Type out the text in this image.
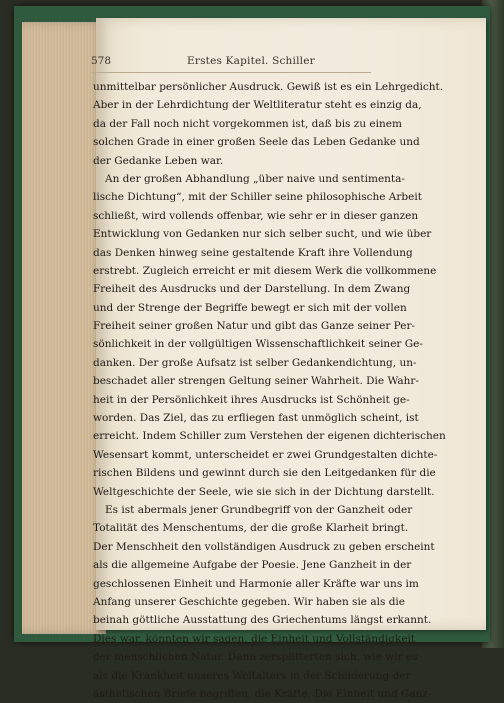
578	Erstes Kapitel. Schiller
unmittelbar persönlicher Ausdruck. Gewiß ist es ein Lehrgedicht.
Aber in der Lehrdichtung der Weltliteratur steht es einzig da,
da der Fall noch nicht vorgekommen ist, daß bis zu einem
solchen Grade in einer großen Seele das Leben Gedanke und
der Gedanke Leben war.
An der großen Abhandlung „über naive und sentimenta-
lische Dichtung“, mit der Schiller seine philosophische Arbeit
schließt, wird vollends offenbar, wie sehr er in dieser ganzen
Entwicklung von Gedanken nur sich selber sucht, und wie über
das Denken hinweg seine gestaltende Kraft ihre Vollendung
erstrebt. Zugleich erreicht er mit diesem Werk die vollkommene
Freiheit des Ausdrucks und der Darstellung. In dem Zwang
und der Strenge der Begriffe bewegt er sich mit der vollen
Freiheit seiner großen Natur und gibt das Ganze seiner Per-
sönlichkeit in der vollgültigen Wissenschaftlichkeit seiner Ge-
danken. Der große Aufsatz ist selber Gedankendichtung, un-
beschadet aller strengen Geltung seiner Wahrheit. Die Wahr-
heit in der Persönlichkeit ihres Ausdrucks ist Schönheit ge-
worden. Das Ziel, das zu erfliegen fast unmöglich scheint, ist
erreicht. Indem Schiller zum Verstehen der eigenen dichterischen
Wesensart kommt, unterscheidet er zwei Grundgestalten dichte-
rischen Bildens und gewinnt durch sie den Leitgedanken für die
Weltgeschichte der Seele, wie sie sich in der Dichtung darstellt.
Es ist abermals jener Grundbegriff von der Ganzheit oder
Totalität des Menschentums, der die große Klarheit bringt.
Der Menschheit den vollständigen Ausdruck zu geben erscheint
als die allgemeine Aufgabe der Poesie. Jene Ganzheit in der
geschlossenen Einheit und Harmonie aller Kräfte war uns im
Anfang unserer Geschichte gegeben. Wir haben sie als die
beinah göttliche Ausstattung des Griechentums längst erkannt.
Dies war, könnten wir sagen, die Einheit und Vollständigkeit
der menschlichen Natur. Dann zersplitterten sich, wie wir es
als die Krankheit unseres Weltalters in der Schilderung der
ästhetischen Briefe begriffen, die Kräfte. Die Einheit und Ganz-
